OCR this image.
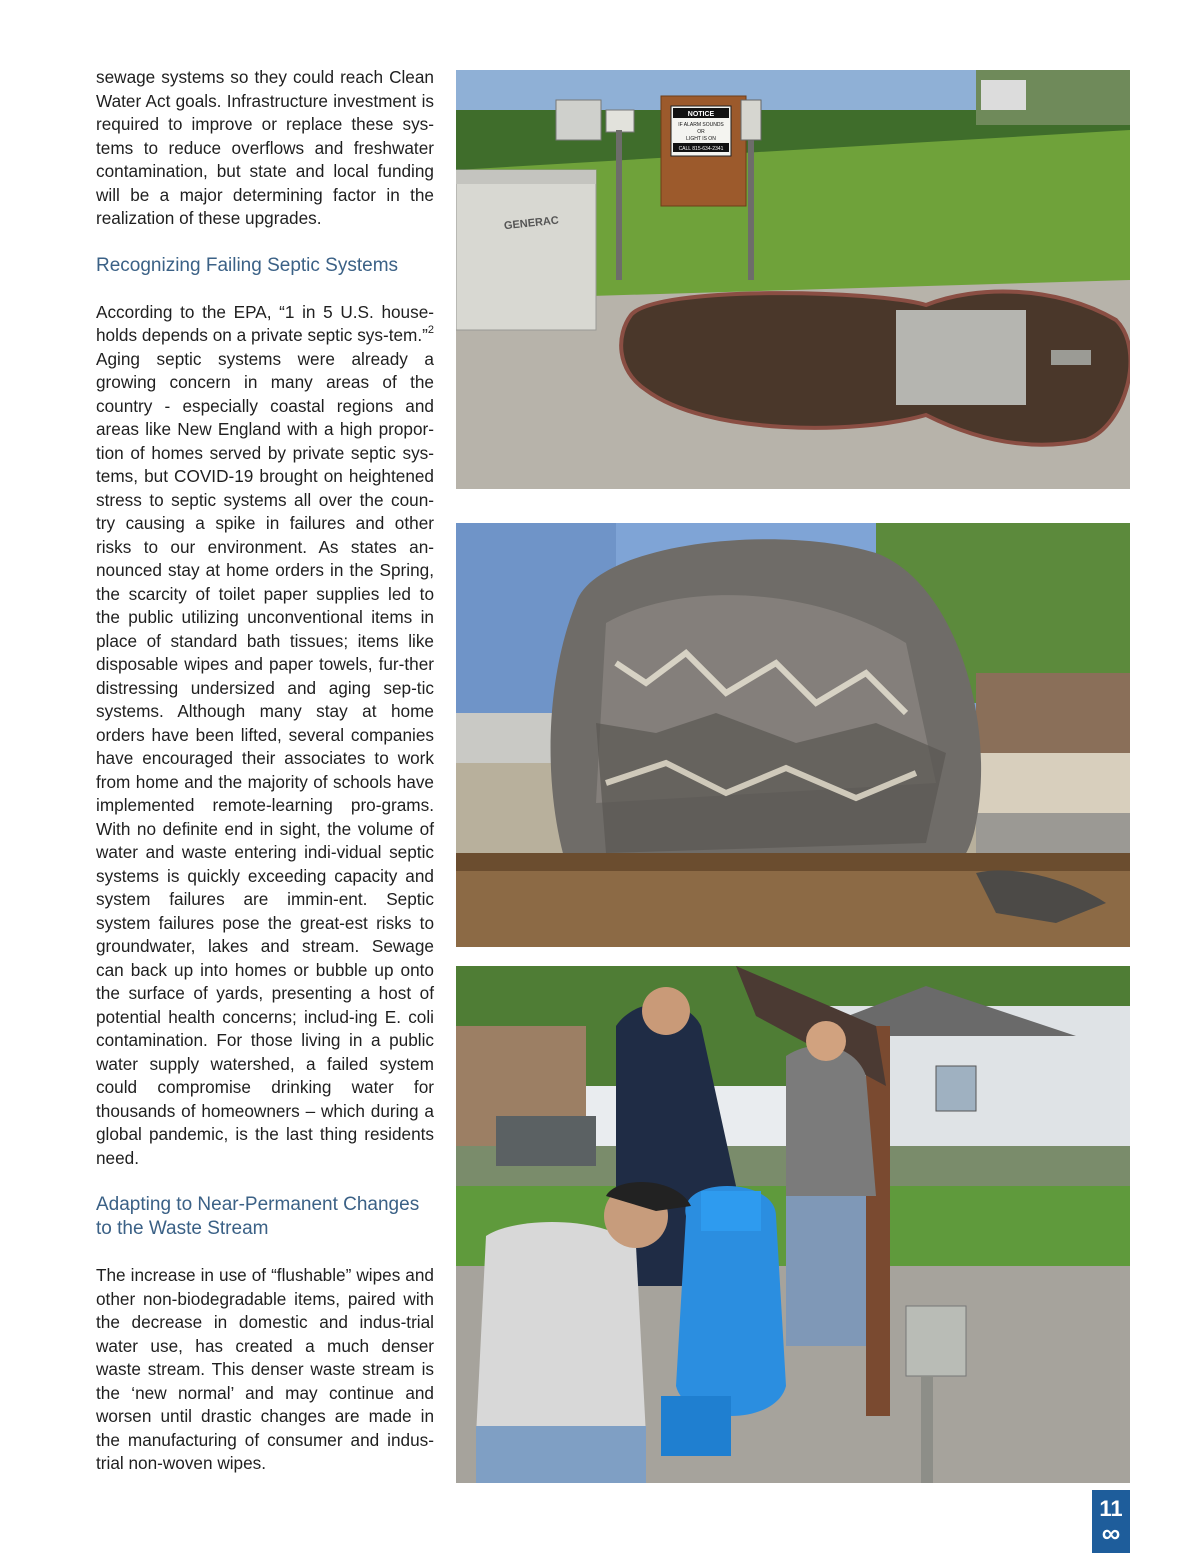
sewage systems so they could reach Clean Water Act goals. Infrastructure investment is required to improve or replace these sys-tems to reduce overflows and freshwater contamination, but state and local funding will be a major determining factor in the realization of these upgrades.

Recognizing Failing Septic Systems

According to the EPA, “1 in 5 U.S. house-holds depends on a private septic sys-tem.”$^2$ Aging septic systems were already a growing concern in many areas of the country - especially coastal regions and areas like New England with a high propor-tion of homes served by private septic sys-tems, but COVID-19 brought on heightened stress to septic systems all over the coun-try causing a spike in failures and other risks to our environment. As states an-nounced stay at home orders in the Spring, the scarcity of toilet paper supplies led to the public utilizing unconventional items in place of standard bath tissues; items like disposable wipes and paper towels, fur-ther distressing undersized and aging sep-tic systems. Although many stay at home orders have been lifted, several companies have encouraged their associates to work from home and the majority of schools have implemented remote-learning pro-grams. With no definite end in sight, the volume of water and waste entering indi-vidual septic systems is quickly exceeding capacity and system failures are immin-ent. Septic system failures pose the great-est risks to groundwater, lakes and stream. Sewage can back up into homes or bubble up onto the surface of yards, presenting a host of potential health concerns; includ-ing E. coli contamination. For those living in a public water supply watershed, a failed system could compromise drinking water for thousands of homeowners – which during a global pandemic, is the last thing residents need.

Adapting to Near-Permanent Changes to the Waste Stream

The increase in use of “flushable” wipes and other non-biodegradable items, paired with the decrease in domestic and indus-trial water use, has created a much denser waste stream. This denser waste stream is the ‘new normal’ and may continue and worsen until drastic changes are made in the manufacturing of consumer and indus-trial non-woven wipes.

GENERAC
NOTICE
IF ALARM SOUNDS
OR
LIGHT IS ON
CALL 815-634-2341
11
∞
